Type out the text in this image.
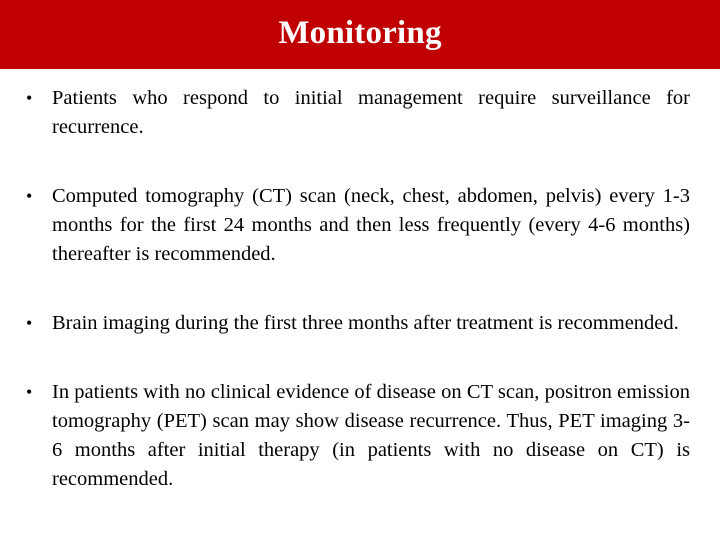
Monitoring
• Patients who respond to initial management require surveillance for recurrence.
• Computed tomography (CT) scan (neck, chest, abdomen, pelvis) every 1-3 months for the first 24 months and then less frequently (every 4-6 months) thereafter is recommended.
• Brain imaging during the first three months after treatment is recommended.
• In patients with no clinical evidence of disease on CT scan, positron emission tomography (PET) scan may show disease recurrence. Thus, PET imaging 3-6 months after initial therapy (in patients with no disease on CT) is recommended.
